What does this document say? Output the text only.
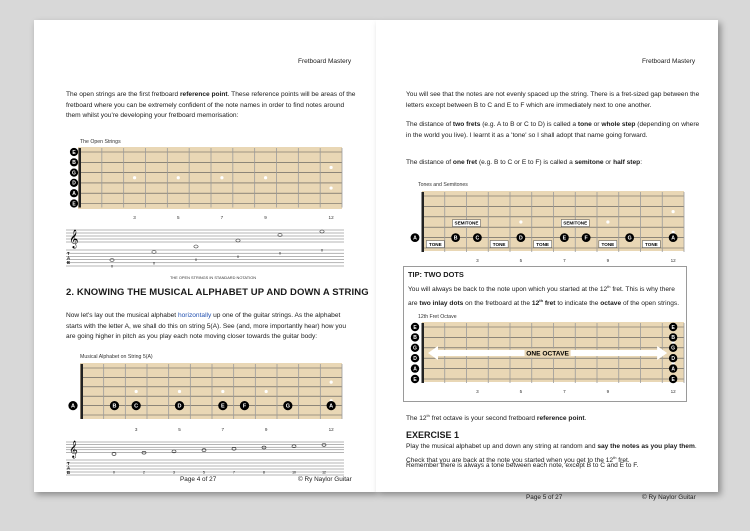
Fretboard Mastery
The open strings are the first fretboard reference point. These reference points will be areas of the fretboard where you can be extremely confident of the note names in order to find notes around them whilst you're developing your fretboard memorisation:
The Open Strings
E
B
G
D
A
E
3	5	7	9	12
𝄞
T
A
B
0
0
0
0
0
0
THE OPEN STRINGS IN STANDARD NOTATION
2. KNOWING THE MUSICAL ALPHABET UP AND DOWN A STRING
Now let's lay out the musical alphabet horizontally up one of the guitar strings. As the alphabet starts with the letter A, we shall do this on string 5(A). See (and, more importantly hear) how you are going higher in pitch as you play each note moving closer towards the guitar body:
Musical Alphabet on String 5(A)
A	B	C	D	E	F	G	A
3	5	7	9	12
𝄞
T
A
B	0	2	3	5	7	8	10	12
Page 4 of 27	© Ry Naylor Guitar
Fretboard Mastery
You will see that the notes are not evenly spaced up the string. There is a fret-sized gap between the letters except between B to C and E to F which are immediately next to one another.
The distance of two frets (e.g. A to B or C to D) is called a tone or whole step (depending on where in the world you live). I learnt it as a 'tone' so I shall adopt that name going forward.
The distance of one fret (e.g. B to C or E to F) is called a semitone or half step:
Tones and Semitones
TONE	TONE	TONE	TONE	TONE
SEMITONE	SEMITONE
A	B	C	D	E	F	G	A
3	5	7	9	12
TIP: TWO DOTS
You will always be back to the note upon which you started at the 12th fret. This is why there are two inlay dots on the fretboard at the 12th fret to indicate the octave of the open strings.
12th Fret Octave
ONE OCTAVE
E	E
B	B
G	G
D	D
A	A
E	E
3	5	7	9	12
The 12th fret octave is your second fretboard reference point.
EXERCISE 1
Play the musical alphabet up and down any string at random and say the notes as you play them. Check that you are back at the note you started when you get to the 12th fret.
Remember there is always a tone between each note, except B to C and E to F.
Page 5 of 27	© Ry Naylor Guitar
